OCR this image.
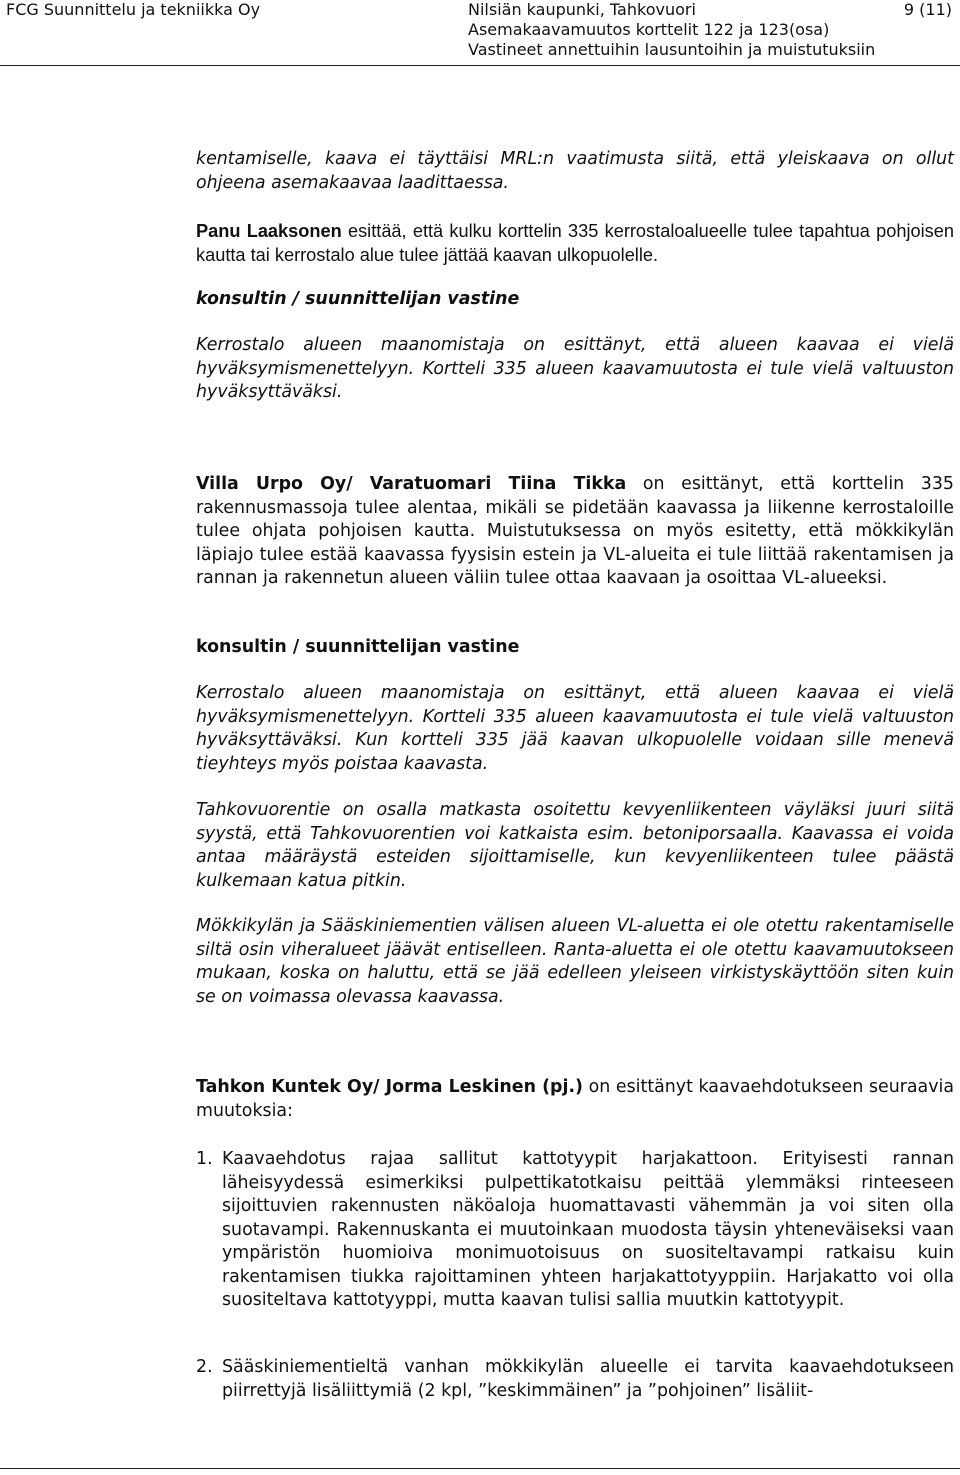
FCG Suunnittelu ja tekniikka Oy	Nilsiän kaupunki, Tahkovuori
Asemakaavamuutos korttelit 122 ja 123(osa)
Vastineet annettuihin lausuntoihin ja muistutuksiin
9 (11)

kentamiselle, kaava ei täyttäisi MRL:n vaatimusta siitä, että yleiskaava on ollut ohjeena asemakaavaa laadittaessa.

Panu Laaksonen esittää, että kulku korttelin 335 kerrostaloalueelle tulee tapahtua pohjoisen kautta tai kerrostalo alue tulee jättää kaavan ulkopuolelle.

konsultin / suunnittelijan vastine

Kerrostalo alueen maanomistaja on esittänyt, että alueen kaavaa ei vielä hyväksymismenettelyyn. Kortteli 335 alueen kaavamuutosta ei tule vielä valtuuston hyväksyttäväksi.

Villa Urpo Oy/ Varatuomari Tiina Tikka on esittänyt, että korttelin 335 rakennusmassoja tulee alentaa, mikäli se pidetään kaavassa ja liikenne kerrostaloille tulee ohjata pohjoisen kautta. Muistutuksessa on myös esitetty, että mökkikylän läpiajo tulee estää kaavassa fyysisin estein ja VL-alueita ei tule liittää rakentamisen ja rannan ja rakennetun alueen väliin tulee ottaa kaavaan ja osoittaa VL-alueeksi.

konsultin / suunnittelijan vastine

Kerrostalo alueen maanomistaja on esittänyt, että alueen kaavaa ei vielä hyväksymismenettelyyn. Kortteli 335 alueen kaavamuutosta ei tule vielä valtuuston hyväksyttäväksi. Kun kortteli 335 jää kaavan ulkopuolelle voidaan sille menevä tieyhteys myös poistaa kaavasta.

Tahkovuorentie on osalla matkasta osoitettu kevyenliikenteen väyläksi juuri siitä syystä, että Tahkovuorentien voi katkaista esim. betoniporsaalla. Kaavassa ei voida antaa määräystä esteiden sijoittamiselle, kun kevyenliikenteen tulee päästä kulkemaan katua pitkin.

Mökkikylän ja Sääskiniementien välisen alueen VL-aluetta ei ole otettu rakentamiselle siltä osin viheralueet jäävät entiselleen. Ranta-aluetta ei ole otettu kaavamuutokseen mukaan, koska on haluttu, että se jää edelleen yleiseen virkistyskäyttöön siten kuin se on voimassa olevassa kaavassa.

Tahkon Kuntek Oy/ Jorma Leskinen (pj.) on esittänyt kaavaehdotukseen seuraavia muutoksia:

1. Kaavaehdotus rajaa sallitut kattotyypit harjakattoon. Erityisesti rannan läheisyydessä esimerkiksi pulpettikatotkaisu peittää ylemmäksi rinteeseen sijoittuvien rakennusten näköaloja huomattavasti vähemmän ja voi siten olla suotavampi. Rakennuskanta ei muutoinkaan muodosta täysin yhteneväiseksi vaan ympäristön huomioiva monimuotoisuus on suositeltavampi ratkaisu kuin rakentamisen tiukka rajoittaminen yhteen harjakattotyyppiin. Harjakatto voi olla suositeltava kattotyyppi, mutta kaavan tulisi sallia muutkin kattotyypit.
2. Sääskiniementieltä vanhan mökkikylän alueelle ei tarvita kaavaehdotukseen piirrettyjä lisäliittymiä (2 kpl, ”keskimmäinen” ja ”pohjoinen” lisäliit-
